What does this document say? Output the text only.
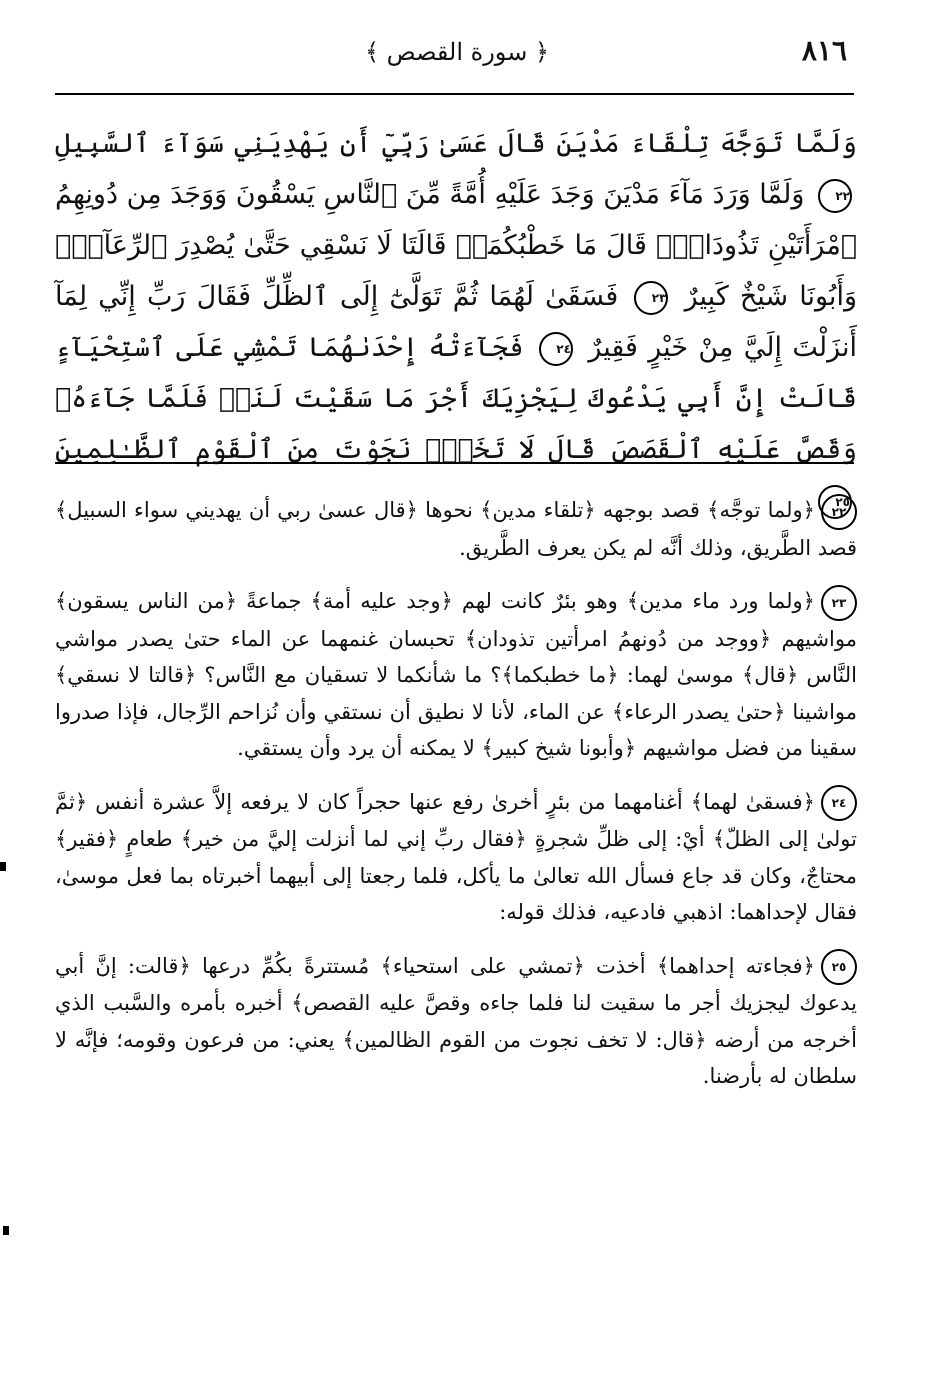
٨١٦
﴿ سورة القصص ﴾
وَلَمَّا تَوَجَّهَ تِلْقَاءَ مَدْيَنَ قَالَ عَسَىٰ رَبِّيٓ أَن يَهْدِيَنِي سَوَآءَ ٱلسَّبِيلِ ٢٢ وَلَمَّا وَرَدَ مَآءَ مَدْيَنَ وَجَدَ عَلَيْهِ أُمَّةً مِّنَ ٱلنَّاسِ يَسْقُونَ وَوَجَدَ مِن دُونِهِمُ ٱمْرَأَتَيْنِ تَذُودَانِۖ قَالَ مَا خَطْبُكُمَاۖ قَالَتَا لَا نَسْقِي حَتَّىٰ يُصْدِرَ ٱلرِّعَآءُۖ وَأَبُونَا شَيْخٌ كَبِيرٌ ٢٣ فَسَقَىٰ لَهُمَا ثُمَّ تَوَلَّىٰٓ إِلَى ٱلظِّلِّ فَقَالَ رَبِّ إِنِّي لِمَآ أَنزَلْتَ إِلَيَّ مِنْ خَيْرٍ فَقِيرٌ ٢٤ فَجَآءَتْهُ إِحْدَىٰهُمَا تَمْشِي عَلَى ٱسْتِحْيَآءٍ قَالَتْ إِنَّ أَبِي يَدْعُوكَ لِيَجْزِيَكَ أَجْرَ مَا سَقَيْتَ لَنَاۚ فَلَمَّا جَآءَهُۥ وَقَصَّ عَلَيْهِ ٱلْقَصَصَ قَالَ لَا تَخَفْۖ نَجَوْتَ مِنَ ٱلْقَوْمِ ٱلظَّـٰلِمِينَ ٢٥

٢٢﴿ولما توجَّه﴾ قصد بوجهه ﴿تلقاء مدين﴾ نحوها ﴿قال عسىٰ ربي أن يهديني سواء السبيل﴾ قصد الطَّريق، وذلك أنَّه لم يكن يعرف الطَّريق.

٢٣﴿ولما ورد ماء مدين﴾ وهو بئرٌ كانت لهم ﴿وجد عليه أمة﴾ جماعةً ﴿من الناس يسقون﴾ مواشيهم ﴿ووجد من دُونهمُ امرأتين تذودان﴾ تحبسان غنمهما عن الماء حتىٰ يصدر مواشي النَّاس ﴿قال﴾ موسىٰ لهما: ﴿ما خطبكما﴾؟ ما شأنكما لا تسقيان مع النَّاس؟ ﴿قالتا لا نسقي﴾ مواشينا ﴿حتىٰ يصدر الرعاء﴾ عن الماء، لأنا لا نطيق أن نستقي وأن نُزاحم الرِّجال، فإذا صدروا سقينا من فضل مواشيهم ﴿وأبونا شيخ كبير﴾ لا يمكنه أن يرد وأن يستقي.

٢٤﴿فسقىٰ لهما﴾ أغنامهما من بئرٍ أخرىٰ رفع عنها حجراً كان لا يرفعه إلاَّ عشرة أنفس ﴿ثمَّ تولىٰ إلى الظلّ﴾ أيْ: إلى ظلِّ شجرةٍ ﴿فقال ربِّ إني لما أنزلت إليَّ من خير﴾ طعامٍ ﴿فقير﴾ محتاجٌ، وكان قد جاع فسأل الله تعالىٰ ما يأكل، فلما رجعتا إلى أبيهما أخبرتاه بما فعل موسىٰ، فقال لإحداهما: اذهبي فادعيه، فذلك قوله:

٢٥﴿فجاءته إحداهما﴾ أخذت ﴿تمشي على استحياء﴾ مُستترةً بكُمِّ درعها ﴿قالت: إنَّ أبي يدعوك ليجزيك أجر ما سقيت لنا فلما جاءه وقصَّ عليه القصص﴾ أخبره بأمره والسَّبب الذي أخرجه من أرضه ﴿قال: لا تخف نجوت من القوم الظالمين﴾ يعني: من فرعون وقومه؛ فإنَّه لا سلطان له بأرضنا.
